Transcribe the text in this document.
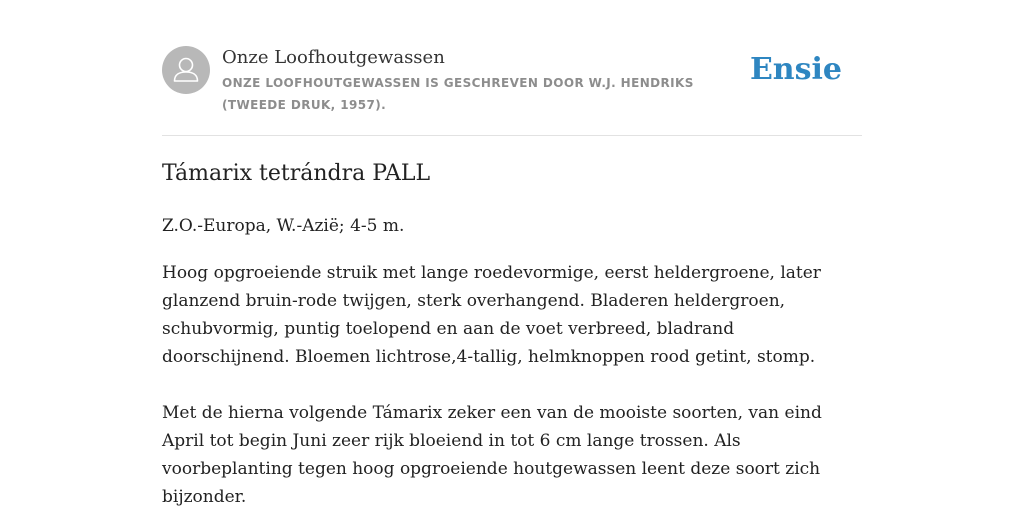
Onze Loofhoutgewassen
ONZE LOOFHOUTGEWASSEN IS GESCHREVEN DOOR W.J. HENDRIKS (TWEEDE DRUK, 1957).
Ensie
Támarix tetrándra PALL

Z.O.-Europa, W.-Azië; 4-5 m.

Hoog opgroeiende struik met lange roedevormige, eerst heldergroene, later glanzend bruin-rode twijgen, sterk overhangend. Bladeren heldergroen, schubvormig, puntig toelopend en aan de voet verbreed, bladrand doorschijnend. Bloemen lichtrose,4-tallig, helmknoppen rood getint, stomp.

Met de hierna volgende Támarix zeker een van de mooiste soorten, van eind April tot begin Juni zeer rijk bloeiend in tot 6 cm lange trossen. Als voorbeplanting tegen hoog opgroeiende houtgewassen leent deze soort zich bijzonder.
